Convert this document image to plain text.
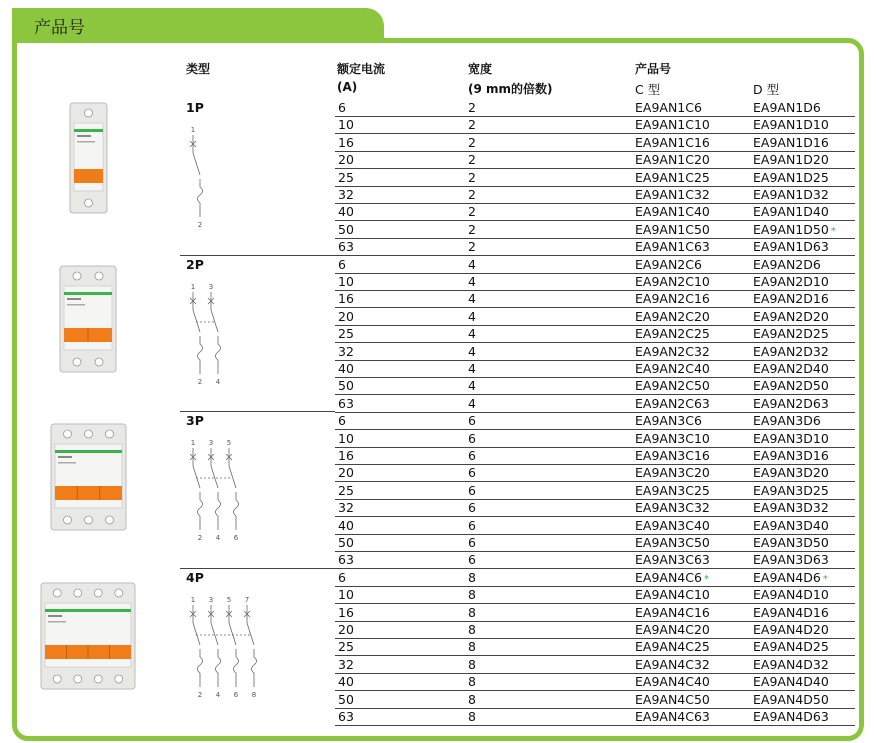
产品号
类型	额定电流
(A)
宽度
(9 mm的倍数)
产品号
C 型	D 型
1P	6	2	EA9AN1C6	EA9AN1D6
10	2	EA9AN1C10	EA9AN1D10
16	2	EA9AN1C16	EA9AN1D16
20	2	EA9AN1C20	EA9AN1D20
25	2	EA9AN1C25	EA9AN1D25
32	2	EA9AN1C32	EA9AN1D32
40	2	EA9AN1C40	EA9AN1D40
50	2	EA9AN1C50	EA9AN1D50 *
63	2	EA9AN1C63	EA9AN1D63
1
2
2P	6	4	EA9AN2C6	EA9AN2D6
10	4	EA9AN2C10	EA9AN2D10
16	4	EA9AN2C16	EA9AN2D16
20	4	EA9AN2C20	EA9AN2D20
25	4	EA9AN2C25	EA9AN2D25
32	4	EA9AN2C32	EA9AN2D32
40	4	EA9AN2C40	EA9AN2D40
50	4	EA9AN2C50	EA9AN2D50
63	4	EA9AN2C63	EA9AN2D63
1
2
3
4
3P	6	6	EA9AN3C6	EA9AN3D6
10	6	EA9AN3C10	EA9AN3D10
16	6	EA9AN3C16	EA9AN3D16
20	6	EA9AN3C20	EA9AN3D20
25	6	EA9AN3C25	EA9AN3D25
32	6	EA9AN3C32	EA9AN3D32
40	6	EA9AN3C40	EA9AN3D40
50	6	EA9AN3C50	EA9AN3D50
63	6	EA9AN3C63	EA9AN3D63
1
2
3
4
5
6
4P	6	8	EA9AN4C6 *	EA9AN4D6 *
10	8	EA9AN4C10	EA9AN4D10
16	8	EA9AN4C16	EA9AN4D16
20	8	EA9AN4C20	EA9AN4D20
25	8	EA9AN4C25	EA9AN4D25
32	8	EA9AN4C32	EA9AN4D32
40	8	EA9AN4C40	EA9AN4D40
50	8	EA9AN4C50	EA9AN4D50
63	8	EA9AN4C63	EA9AN4D63
1
2
3
4
5
6
7
8
